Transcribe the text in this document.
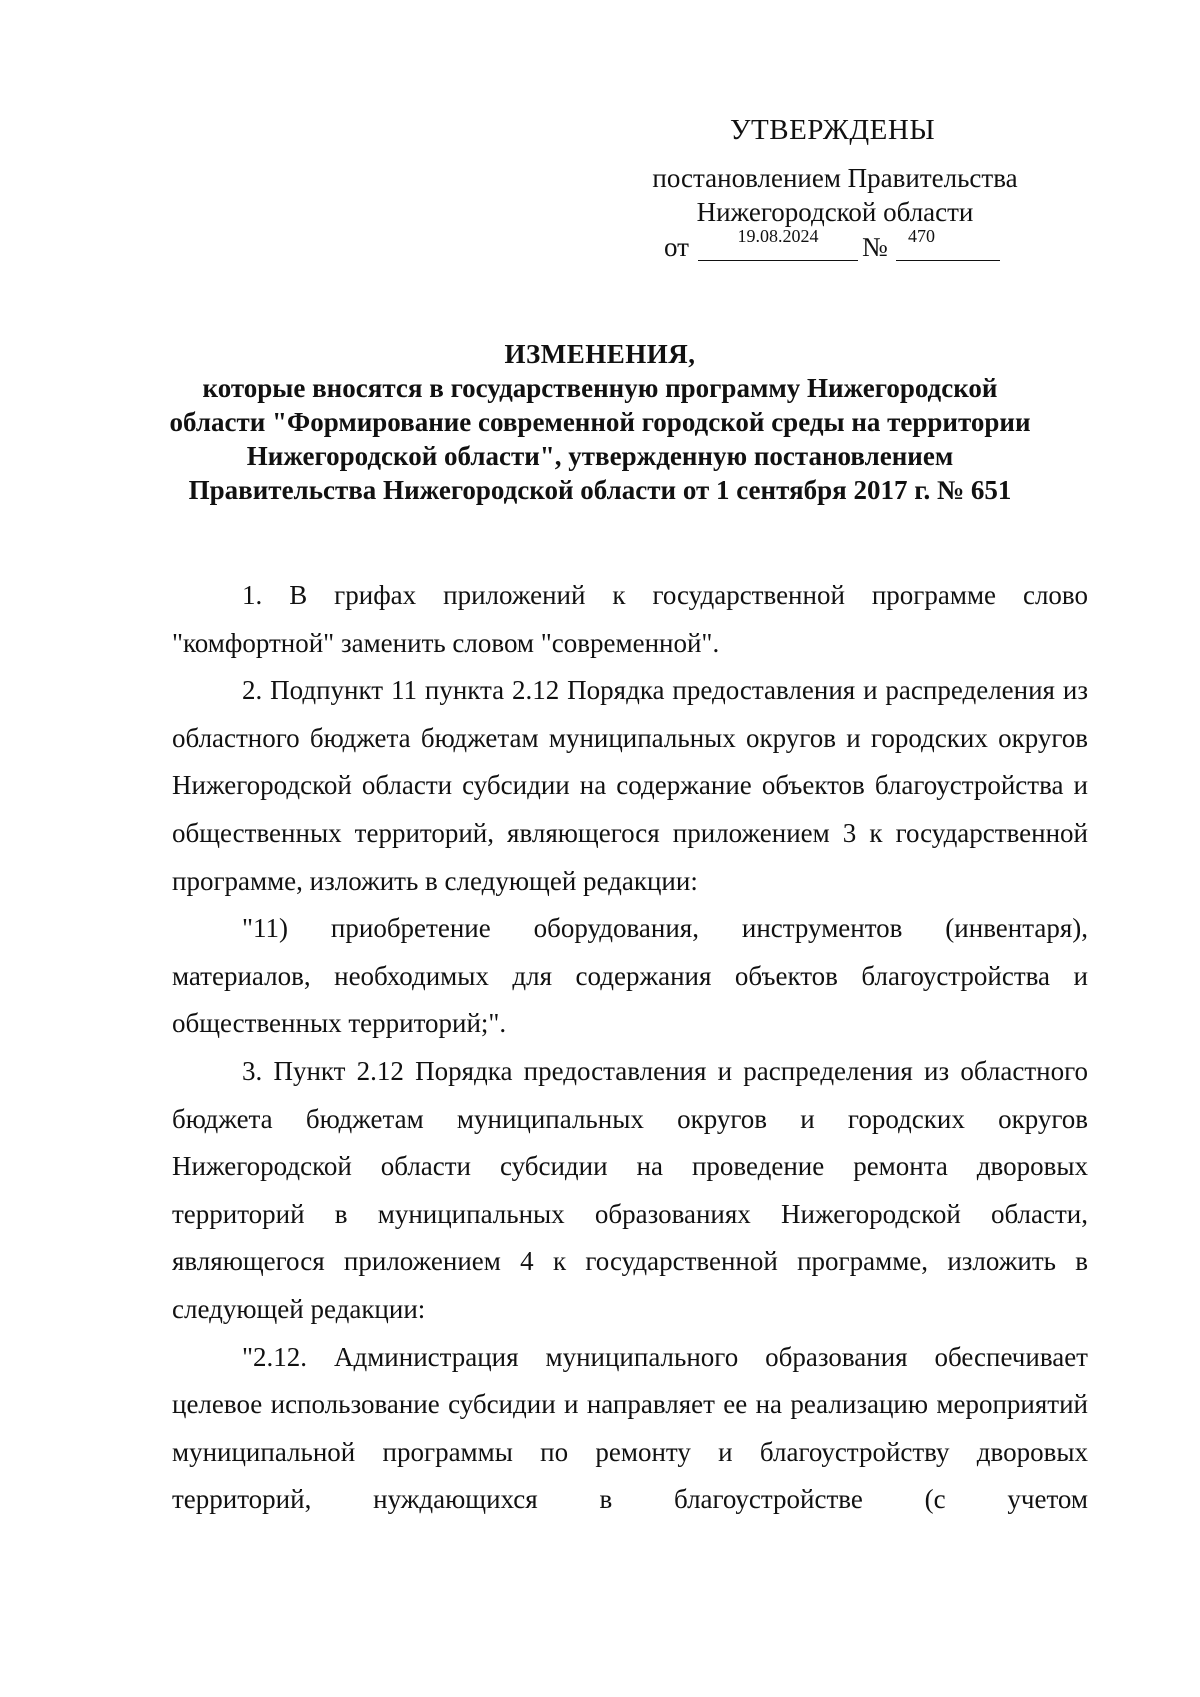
УТВЕРЖДЕНЫ
постановлением Правительства
Нижегородской области
от	19.08.2024	№ 470
ИЗМЕНЕНИЯ,
которые вносятся в государственную программу Нижегородской
области "Формирование современной городской среды на территории
Нижегородской области", утвержденную постановлением
Правительства Нижегородской области от 1 сентября 2017 г. № 651

1. В грифах приложений к государственной программе слово "комфортной" заменить словом "современной".

2. Подпункт 11 пункта 2.12 Порядка предоставления и распределения из областного бюджета бюджетам муниципальных округов и городских округов Нижегородской области субсидии на содержание объектов благоустройства и общественных территорий, являющегося приложением 3 к государственной программе, изложить в следующей редакции:

"11) приобретение оборудования, инструментов (инвентаря), материалов, необходимых для содержания объектов благоустройства и общественных территорий;".

3. Пункт 2.12 Порядка предоставления и распределения из областного бюджета бюджетам муниципальных округов и городских округов Нижегородской области субсидии на проведение ремонта дворовых территорий в муниципальных образованиях Нижегородской области, являющегося приложением 4 к государственной программе, изложить в следующей редакции:

"2.12. Администрация муниципального образования обеспечивает целевое использование субсидии и направляет ее на реализацию мероприятий муниципальной программы по ремонту и благоустройству дворовых территорий, нуждающихся в благоустройстве (с учетом
